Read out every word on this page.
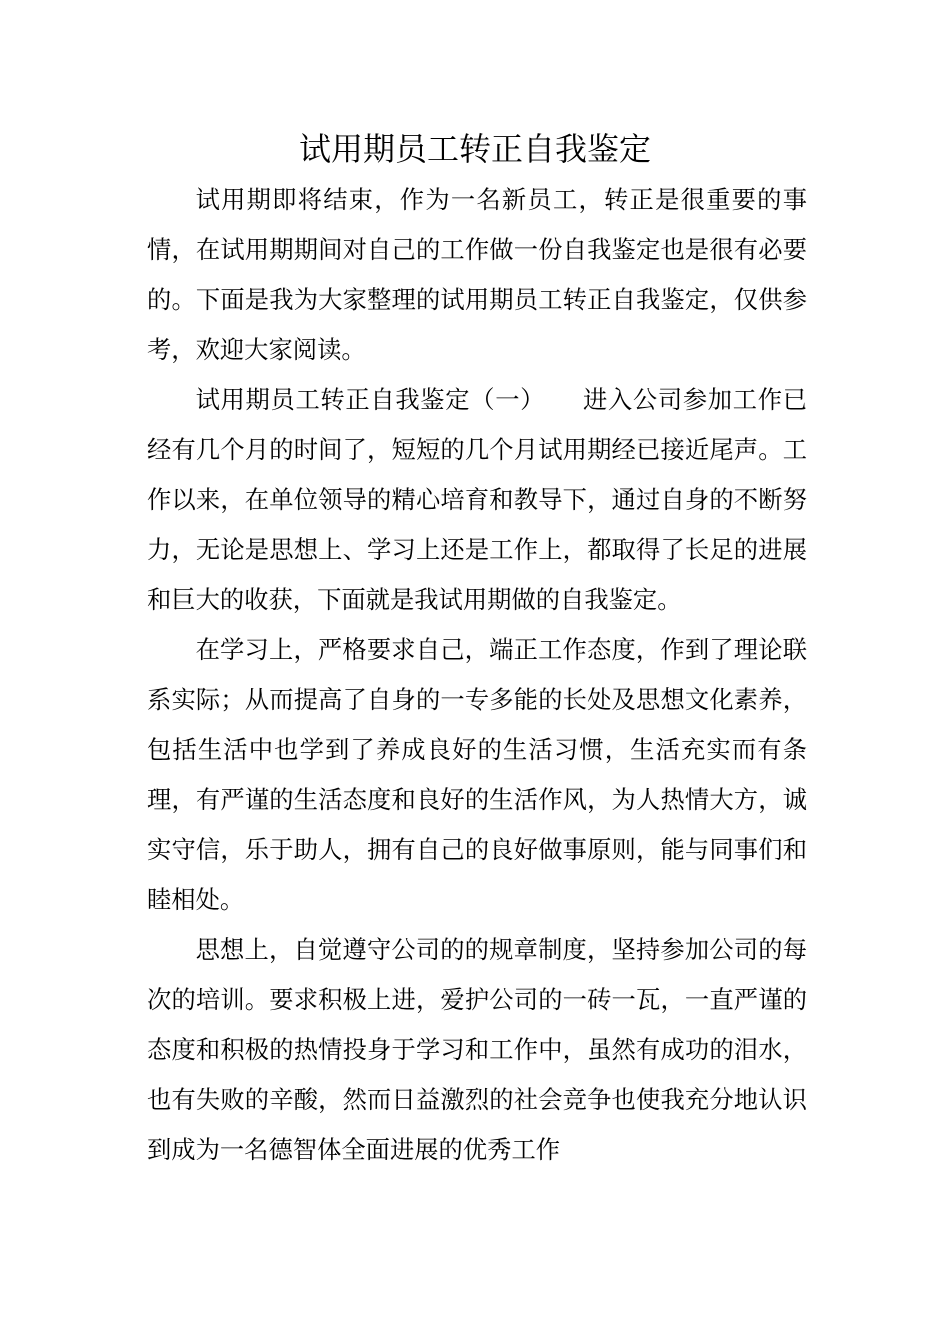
试用期员工转正自我鉴定

试用期即将结束，作为一名新员工，转正是很重要的事情，在试用期期间对自己的工作做一份自我鉴定也是很有必要的。下面是我为大家整理的试用期员工转正自我鉴定，仅供参考，欢迎大家阅读。

试用期员工转正自我鉴定（一）　　进入公司参加工作已经有几个月的时间了，短短的几个月试用期经已接近尾声。工作以来，在单位领导的精心培育和教导下，通过自身的不断努力，无论是思想上、学习上还是工作上，都取得了长足的进展和巨大的收获，下面就是我试用期做的自我鉴定。

在学习上，严格要求自己，端正工作态度，作到了理论联系实际；从而提高了自身的一专多能的长处及思想文化素养，包括生活中也学到了养成良好的生活习惯，生活充实而有条理，有严谨的生活态度和良好的生活作风，为人热情大方，诚实守信，乐于助人，拥有自己的良好做事原则，能与同事们和睦相处。

思想上，自觉遵守公司的的规章制度，坚持参加公司的每次的培训。要求积极上进，爱护公司的一砖一瓦，一直严谨的态度和积极的热情投身于学习和工作中，虽然有成功的泪水，也有失败的辛酸，然而日益激烈的社会竞争也使我充分地认识到成为一名德智体全面进展的优秀工作
